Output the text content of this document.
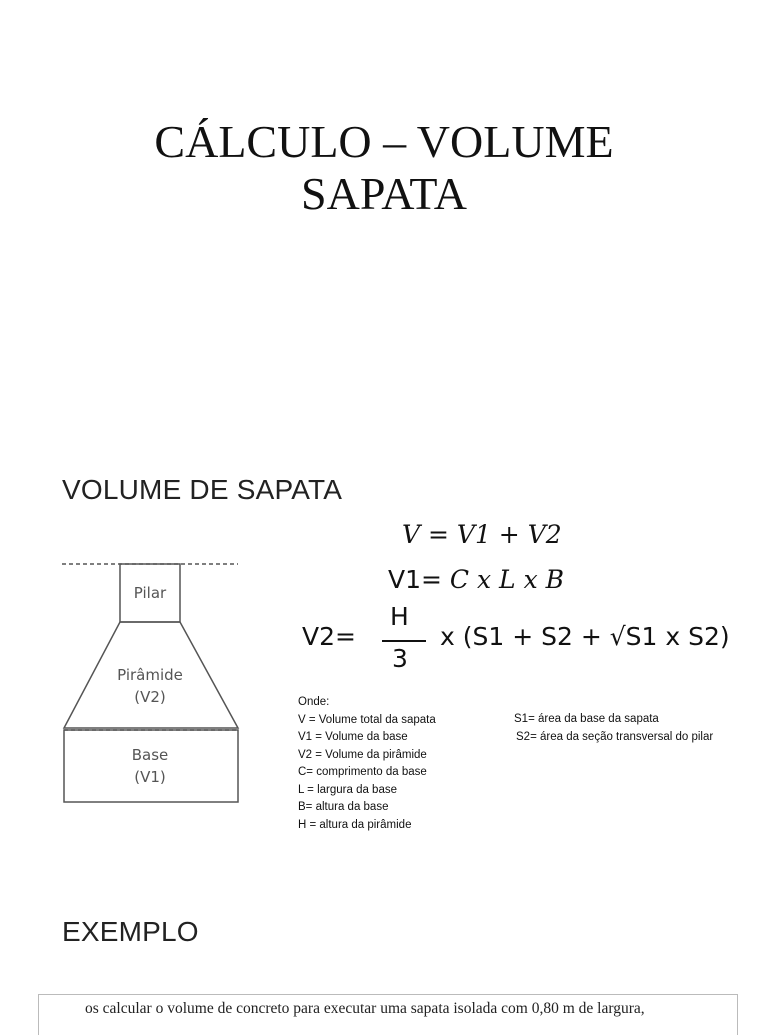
CÁLCULO – VOLUME
SAPATA
VOLUME DE SAPATA
Pilar
Pirâmide
(V2)
Base
(V1)
V = V1 + V2
V1= C x L x B
V2=
H
3
x (S1 + S2 + √S1 x S2)
Onde:
V = Volume total da sapata
V1 = Volume da base
V2 = Volume da pirâmide
C= comprimento da base
L = largura da base
B= altura da base
H = altura da pirâmide
S1= área da base da sapata
S2= área da seção transversal do pilar
EXEMPLO
os calcular o volume de concreto para executar uma sapata isolada com 0,80 m de largura,
